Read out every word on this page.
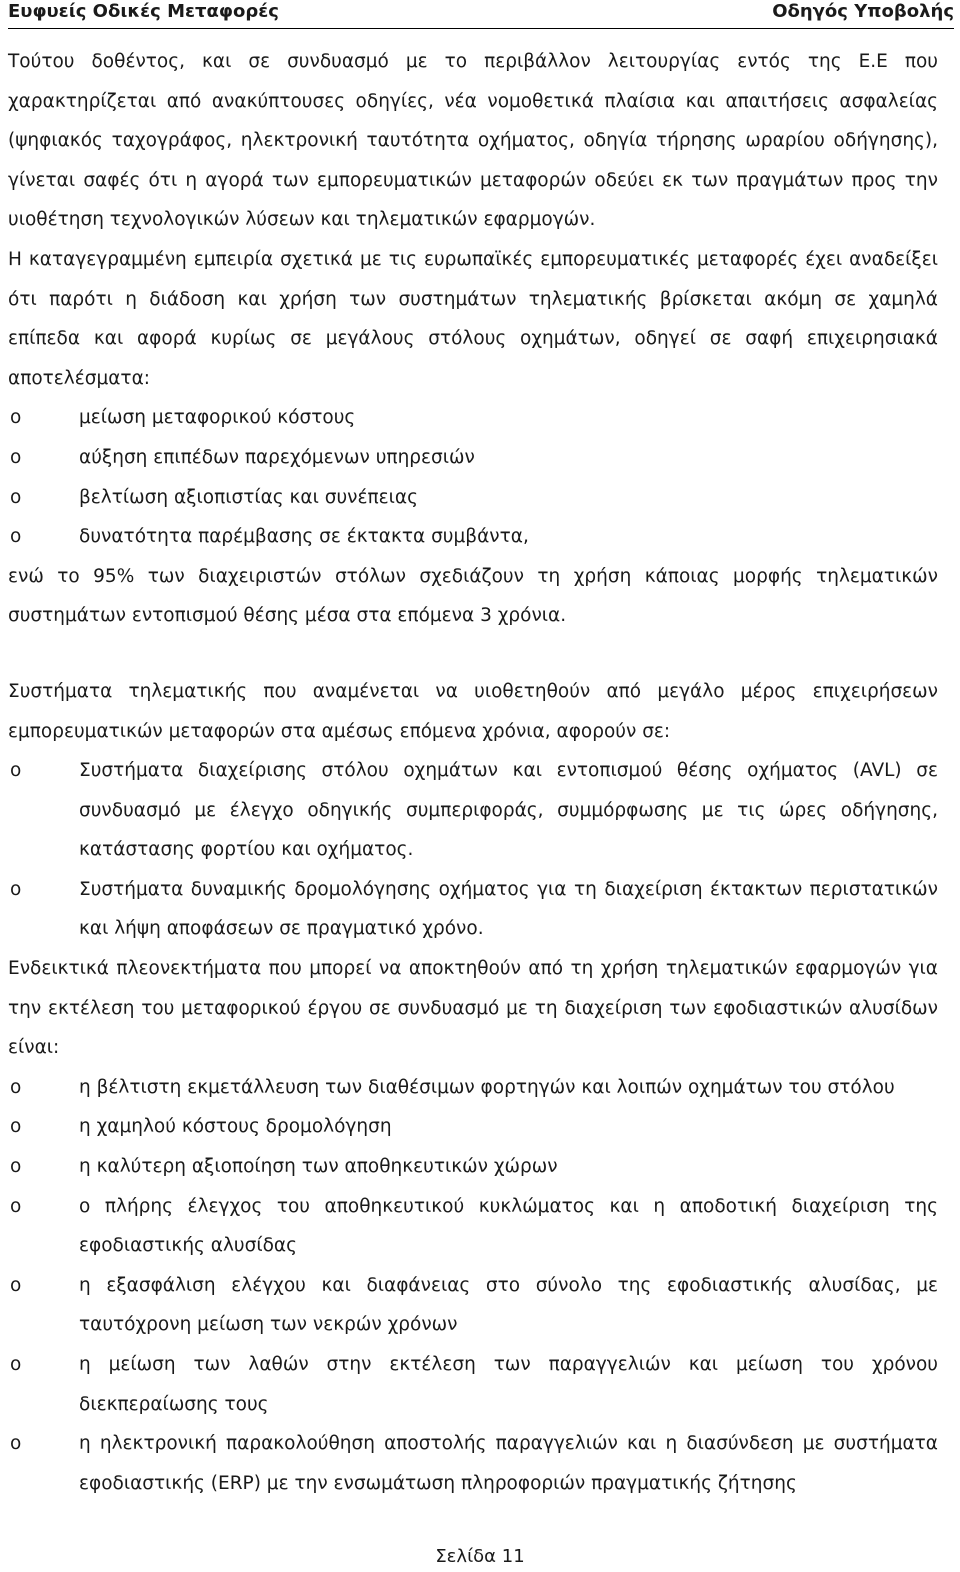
Ευφυείς Οδικές Μεταφορές	Οδηγός Υποβολής

Τούτου δοθέντος, και σε συνδυασμό με το περιβάλλον λειτουργίας εντός της Ε.Ε που χαρακτηρίζεται από ανακύπτουσες οδηγίες, νέα νομοθετικά πλαίσια και απαιτήσεις ασφαλείας (ψηφιακός ταχογράφος, ηλεκτρονική ταυτότητα οχήματος, οδηγία τήρησης ωραρίου οδήγησης), γίνεται σαφές ότι η αγορά των εμπορευματικών μεταφορών οδεύει εκ των πραγμάτων προς την υιοθέτηση τεχνολογικών λύσεων και τηλεματικών εφαρμογών.

Η καταγεγραμμένη εμπειρία σχετικά με τις ευρωπαϊκές εμπορευματικές μεταφορές έχει αναδείξει ότι παρότι η διάδοση και χρήση των συστημάτων τηλεματικής βρίσκεται ακόμη σε χαμηλά επίπεδα και αφορά κυρίως σε μεγάλους στόλους οχημάτων, οδηγεί σε σαφή επιχειρησιακά αποτελέσματα:

o	μείωση μεταφορικού κόστους
o	αύξηση επιπέδων παρεχόμενων υπηρεσιών
o	βελτίωση αξιοπιστίας και συνέπειας
o	δυνατότητα παρέμβασης σε έκτακτα συμβάντα,

ενώ το 95% των διαχειριστών στόλων σχεδιάζουν τη χρήση κάποιας μορφής τηλεματικών συστημάτων εντοπισμού θέσης μέσα στα επόμενα 3 χρόνια.

Συστήματα τηλεματικής που αναμένεται να υιοθετηθούν από μεγάλο μέρος επιχειρήσεων εμπορευματικών μεταφορών στα αμέσως επόμενα χρόνια, αφορούν σε:

o	Συστήματα διαχείρισης στόλου οχημάτων και εντοπισμού θέσης οχήματος (AVL) σε συνδυασμό με έλεγχο οδηγικής συμπεριφοράς, συμμόρφωσης με τις ώρες οδήγησης, κατάστασης φορτίου και οχήματος.
o	Συστήματα δυναμικής δρομολόγησης οχήματος για τη διαχείριση έκτακτων περιστατικών και λήψη αποφάσεων σε πραγματικό χρόνο.

Ενδεικτικά πλεονεκτήματα που μπορεί να αποκτηθούν από τη χρήση τηλεματικών εφαρμογών για την εκτέλεση του μεταφορικού έργου σε συνδυασμό με τη διαχείριση των εφοδιαστικών αλυσίδων είναι:

o	η βέλτιστη εκμετάλλευση των διαθέσιμων φορτηγών και λοιπών οχημάτων του στόλου
o	η χαμηλού κόστους δρομολόγηση
o	η καλύτερη αξιοποίηση των αποθηκευτικών χώρων
o	ο πλήρης έλεγχος του αποθηκευτικού κυκλώματος και η αποδοτική διαχείριση της εφοδιαστικής αλυσίδας
o	η εξασφάλιση ελέγχου και διαφάνειας στο σύνολο της εφοδιαστικής αλυσίδας, με ταυτόχρονη μείωση των νεκρών χρόνων
o	η μείωση των λαθών στην εκτέλεση των παραγγελιών και μείωση του χρόνου διεκπεραίωσης τους
o	η ηλεκτρονική παρακολούθηση αποστολής παραγγελιών και η διασύνδεση με συστήματα εφοδιαστικής (ERP) με την ενσωμάτωση πληροφοριών πραγματικής ζήτησης
Σελίδα 11
